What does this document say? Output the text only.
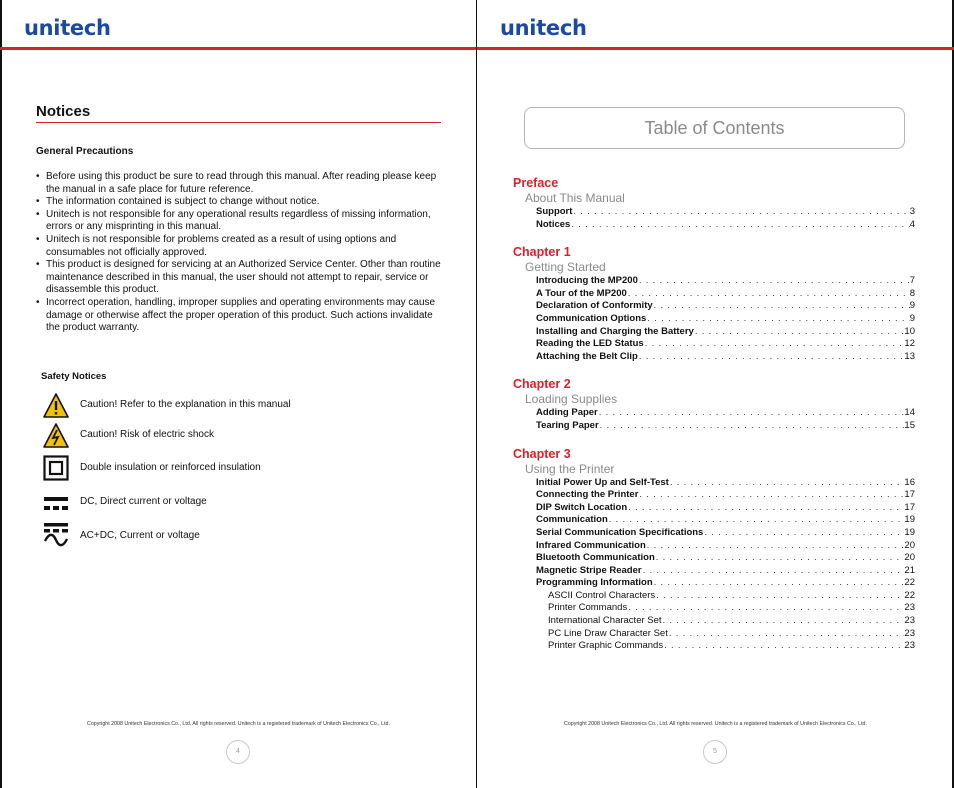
unitech
Notices
General Precautions
• Before using this product be sure to read through this manual. After reading please keep the manual in a safe place for future reference.
• The information contained is subject to change without notice.
• Unitech is not responsible for any operational results regardless of missing information, errors or any misprinting in this manual.
• Unitech is not responsible for problems created as a result of using options and consumables not officially approved.
• This product is designed for servicing at an Authorized Service Center. Other than routine maintenance described in this manual, the user should not attempt to repair, service or disassemble this product.
• Incorrect operation, handling, improper supplies and operating environments may cause damage or otherwise affect the proper operation of this product. Such actions invalidate the product warranty.
Safety Notices
Caution! Refer to the explanation in this manual
Caution! Risk of electric shock
Double insulation or reinforced insulation
DC, Direct current or voltage
AC+DC, Current or voltage
Copyright 2008 Unitech Electronics Co., Ltd. All rights reserved. Unitech is a registered trademark of Unitech Electronics Co., Ltd.
4
unitech
Table of Contents
Preface
About This Manual
Support . . .	3
Notices . . .	4
Chapter 1
Getting Started
Introducing the MP200 . . .	7
A Tour of the MP200 . . .	8
Declaration of Conformity . . .	9
Communication Options . . .	9
Installing and Charging the Battery . . .	10
Reading the LED Status . . .	12
Attaching the Belt Clip . . .	13
Chapter 2
Loading Supplies
Adding Paper . . .	14
Tearing Paper . . .	15
Chapter 3
Using the Printer
Initial Power Up and Self-Test . . .	16
Connecting the Printer . . .	17
DIP Switch Location . . .	17
Communication . . .	19
Serial Communication Specifications . . .	19
Infrared Communication . . .	20
Bluetooth Communication . . .	20
Magnetic Stripe Reader . . .	21
Programming Information . . .	22
ASCII Control Characters . . .	22
Printer Commands . . .	23
International Character Set . . .	23
PC Line Draw Character Set . . .	23
Printer Graphic Commands . . .	23
Copyright 2008 Unitech Electronics Co., Ltd. All rights reserved. Unitech is a registered trademark of Unitech Electronics Co., Ltd.
5
